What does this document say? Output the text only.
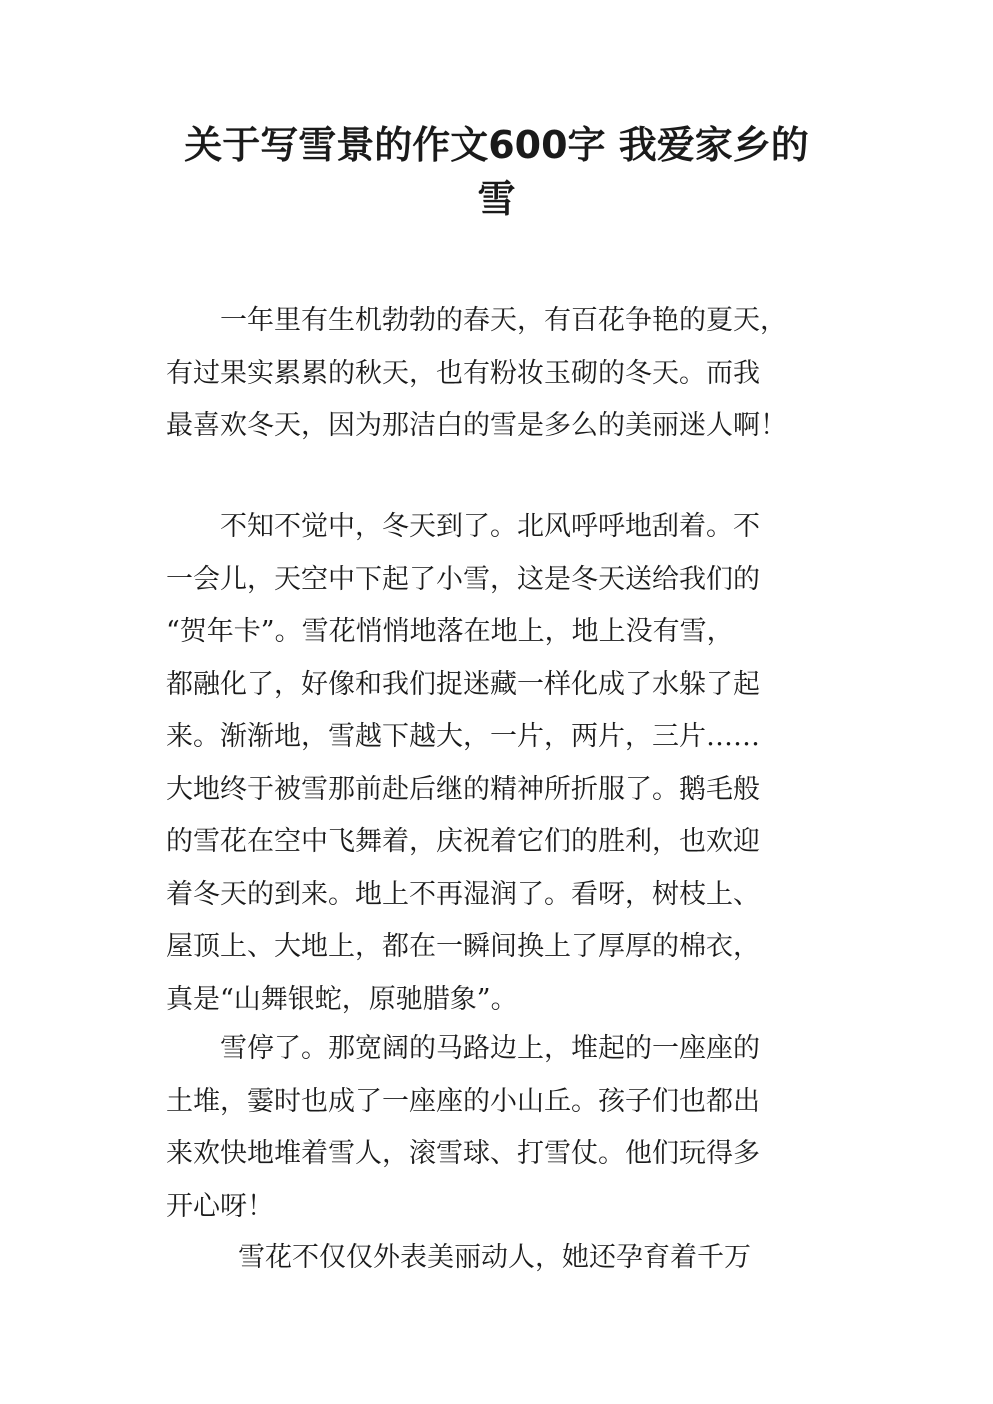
关于写雪景的作文600字 我爱家乡的
雪

一年里有生机勃勃的春天，有百花争艳的夏天，
有过果实累累的秋天，也有粉妆玉砌的冬天。而我
最喜欢冬天，因为那洁白的雪是多么的美丽迷人啊！

不知不觉中，冬天到了。北风呼呼地刮着。不
一会儿，天空中下起了小雪，这是冬天送给我们的
“贺年卡”。雪花悄悄地落在地上，地上没有雪，
都融化了，好像和我们捉迷藏一样化成了水躲了起
来。渐渐地，雪越下越大，一片，两片，三片……
大地终于被雪那前赴后继的精神所折服了。鹅毛般
的雪花在空中飞舞着，庆祝着它们的胜利，也欢迎
着冬天的到来。地上不再湿润了。看呀，树枝上、
屋顶上、大地上，都在一瞬间换上了厚厚的棉衣，
真是“山舞银蛇，原驰腊象”。

雪停了。那宽阔的马路边上，堆起的一座座的
土堆，霎时也成了一座座的小山丘。孩子们也都出
来欢快地堆着雪人，滚雪球、打雪仗。他们玩得多
开心呀！

雪花不仅仅外表美丽动人，她还孕育着千万
